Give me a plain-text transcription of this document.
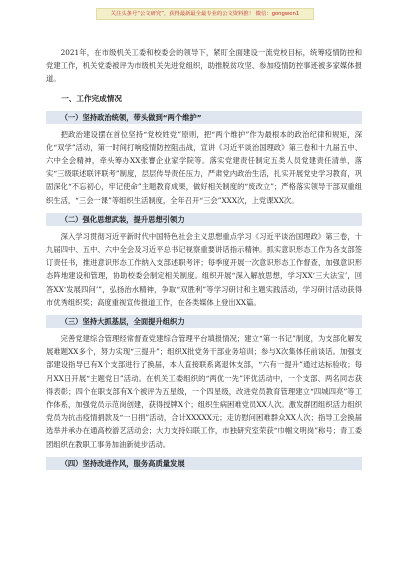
关注头条号“公文研究”，获得最新最全最专业的公文资料推！ 微信：gongwen1

2021年，在市级机关工委和校委会的领导下，紧盯全面建设一流党校目标，统筹疫情防控和党建工作，机关党委被评为市级机关先进党组织，助推脱贫攻坚、参加疫情防控事迹被多家媒体报道。

一、工作完成情况
（一）坚持政治统领，带头做到“两个维护”

把政治建设摆在首位坚持“党校姓党”原则，把“两个维护”作为最根本的政治纪律和规矩，深化“双学”活动，第一时间打响疫情防控阻击战，宣讲《习近平谈治国理政》第三卷和十九届五中、六中全会精神，牵头筹办XX张謇企业家学院等。落实党建责任制定五类人员党建责任清单，落实“三级联述联评联考”制度，层层传导责任压力，严肃党内政治生活，扎实开展党史学习教育，巩固深化“不忘初心，牢记使命”主题教育成果，做好相关制度的“废改立”；严格落实领导干部双重组织生活，“三会一课”等组织生活制度，全年召开“三会”XXX次，上党课XX次。

（二）强化思想武装，提升思想引领力

深入学习贯彻习近平新时代中国特色社会主义思想重点学习《习近平谈治国理政》第三卷，十九届四中、五中、六中全会及习近平总书记视察重要讲话指示精神。抓实意识形态工作为各支部签订责任书，推进意识形态工作纳入支部述职考评；每季度开展一次意识形态工作督查，加强意识形态阵地建设和管理，协助校委会制定相关制度。组织开展“深入解放思想，学习XX‘三大法宝’，回答XX‘发展四问’”，弘扬治水精神，争取“双胜利”等学习研讨和主题实践活动，学习研讨活动获得市优秀组织奖；高度重视宣传报道工作，在各类媒体上登出XX篇。

（三）坚持大抓基层，全面提升组织力

完善党建综合管理经常督查党建综合管理平台填报情况；建立“第一书记”制度，为支部化解发展难题XX多个，努力实现“三提升”；组织X批党务干部业务培训；参与X次集体任前谈话。加强支部建设指导已有X个支部进行了换届，本人直接联系离退休支部，“六有一提升”通过达标验收；每月XX日开展“主题党日”活动。在机关工委组织的“两优一先”评优活动中，一个支部、两名同志获得表彰；四个在职支部有X个被评为五星级，一个四星级，改进党员教育管理建立“四城四亮”等工作体系，加强党员示范岗创建，获得授牌X个；组织生病困难党员XX人次。激发群团组织活力组织党员为抗击疫情捐款及“一日捐”活动，合计XXXXX元；走访慰问困难群众XX人次；指导工会换届选举并承办在通高校游艺活动会；大力支持妇联工作，市独研究室荣获“巾帼文明岗”称号；青工委团组织在教职工事务加油新徒步活动。

（四）坚持改进作风，服务高质量发展
